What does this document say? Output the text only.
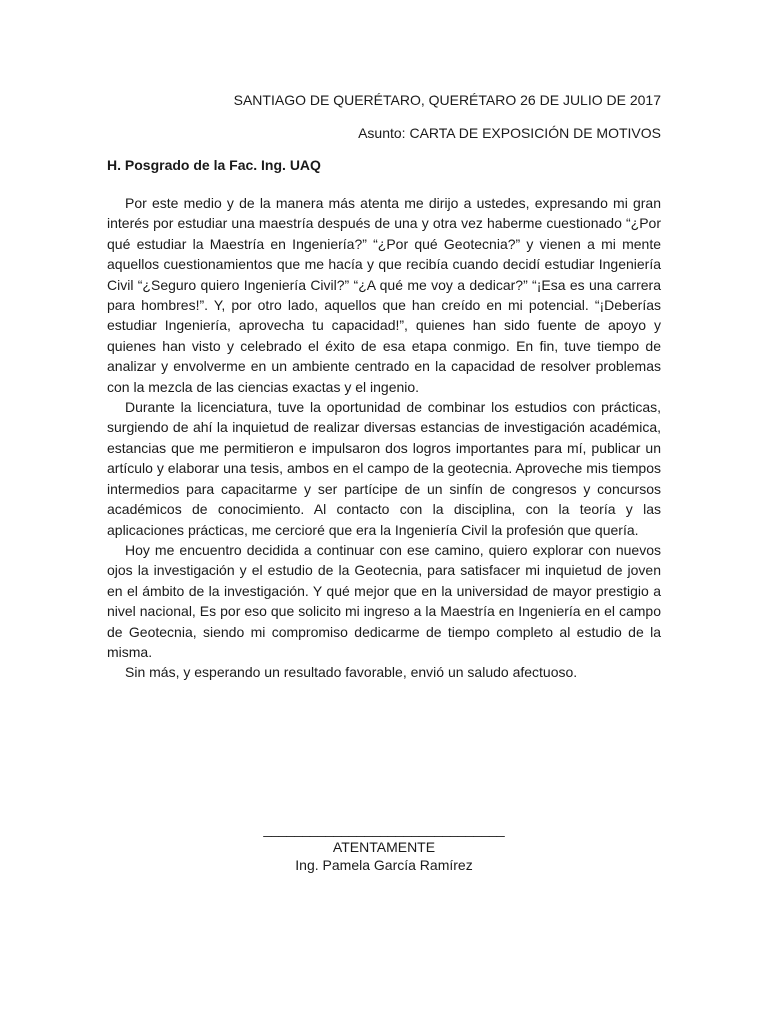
SANTIAGO DE QUERÉTARO, QUERÉTARO 26 DE JULIO DE 2017
Asunto: CARTA DE EXPOSICIÓN DE MOTIVOS
H. Posgrado de la Fac. Ing. UAQ

Por este medio y de la manera más atenta me dirijo a ustedes, expresando mi gran interés por estudiar una maestría después de una y otra vez haberme cuestionado “¿Por qué estudiar la Maestría en Ingeniería?” “¿Por qué Geotecnia?” y vienen a mi mente aquellos cuestionamientos que me hacía y que recibía cuando decidí estudiar Ingeniería Civil “¿Seguro quiero Ingeniería Civil?” “¿A qué me voy a dedicar?” “¡Esa es una carrera para hombres!”. Y, por otro lado, aquellos que han creído en mi potencial. “¡Deberías estudiar Ingeniería, aprovecha tu capacidad!”, quienes han sido fuente de apoyo y quienes han visto y celebrado el éxito de esa etapa conmigo. En fin, tuve tiempo de analizar y envolverme en un ambiente centrado en la capacidad de resolver problemas con la mezcla de las ciencias exactas y el ingenio.

Durante la licenciatura, tuve la oportunidad de combinar los estudios con prácticas, surgiendo de ahí la inquietud de realizar diversas estancias de investigación académica, estancias que me permitieron e impulsaron dos logros importantes para mí, publicar un artículo y elaborar una tesis, ambos en el campo de la geotecnia. Aproveche mis tiempos intermedios para capacitarme y ser partícipe de un sinfín de congresos y concursos académicos de conocimiento. Al contacto con la disciplina, con la teoría y las aplicaciones prácticas, me cercioré que era la Ingeniería Civil la profesión que quería.

Hoy me encuentro decidida a continuar con ese camino, quiero explorar con nuevos ojos la investigación y el estudio de la Geotecnia, para satisfacer mi inquietud de joven en el ámbito de la investigación. Y qué mejor que en la universidad de mayor prestigio a nivel nacional, Es por eso que solicito mi ingreso a la Maestría en Ingeniería en el campo de Geotecnia, siendo mi compromiso dedicarme de tiempo completo al estudio de la misma.

Sin más, y esperando un resultado favorable, envió un saludo afectuoso.

_______________________________
ATENTAMENTE
Ing. Pamela García Ramírez
